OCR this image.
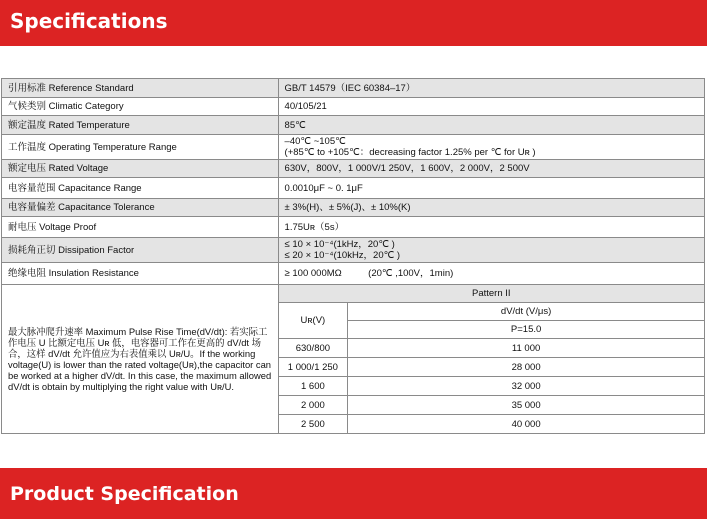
Specifications
引用标准 Reference Standard	GB/T 14579（IEC 60384–17）	
气候类别 Climatic Category	40/105/21	
额定温度 Rated Temperature	85℃	
工作温度 Operating Temperature Range	–40℃ ~105℃
(+85℃ to +105℃：decreasing factor 1.25% per ℃ for Uʀ )	

额定电压 Rated Voltage	630V，800V，1 000V/1 250V，1 600V，2 000V，2 500V	
电容量范围 Capacitance Range	0.0010μF ~ 0. 1μF	
电容量偏差 Capacitance Tolerance	± 3%(H)、± 5%(J)、± 10%(K)	
耐电压 Voltage Proof	1.75Uʀ（5s）	
损耗角正切 Dissipation Factor	≤ 10 × 10⁻⁴(1kHz，20℃ )
≤ 20 × 10⁻⁴(10kHz，20℃ )	

绝缘电阻 Insulation Resistance	≥ 100 000MΩ          (20℃ ,100V，1min)	
最大脉冲爬升速率 Maximum Pulse Rise Time(dV/dt): 若实际工作电压 U 比额定电压 Uʀ 低，电容器可工作在更高的 dV/dt 场合，这样 dV/dt 允许值应为右表值乘以 Uʀ/U。If the working voltage(U) is lower than the rated voltage(Uʀ),the capacitor can be worked at a higher dV/dt. In this case, the maximum allowed dV/dt is obtain by multiplying the right value with Uʀ/U.	Pattern II	
	Uʀ(V)	dV/dt (V/μs)
		P=15.0
	630/800	11 000
	1 000/1 250	28 000
	1 600	32 000
	2 000	35 000
	2 500	40 000
Product Specification
